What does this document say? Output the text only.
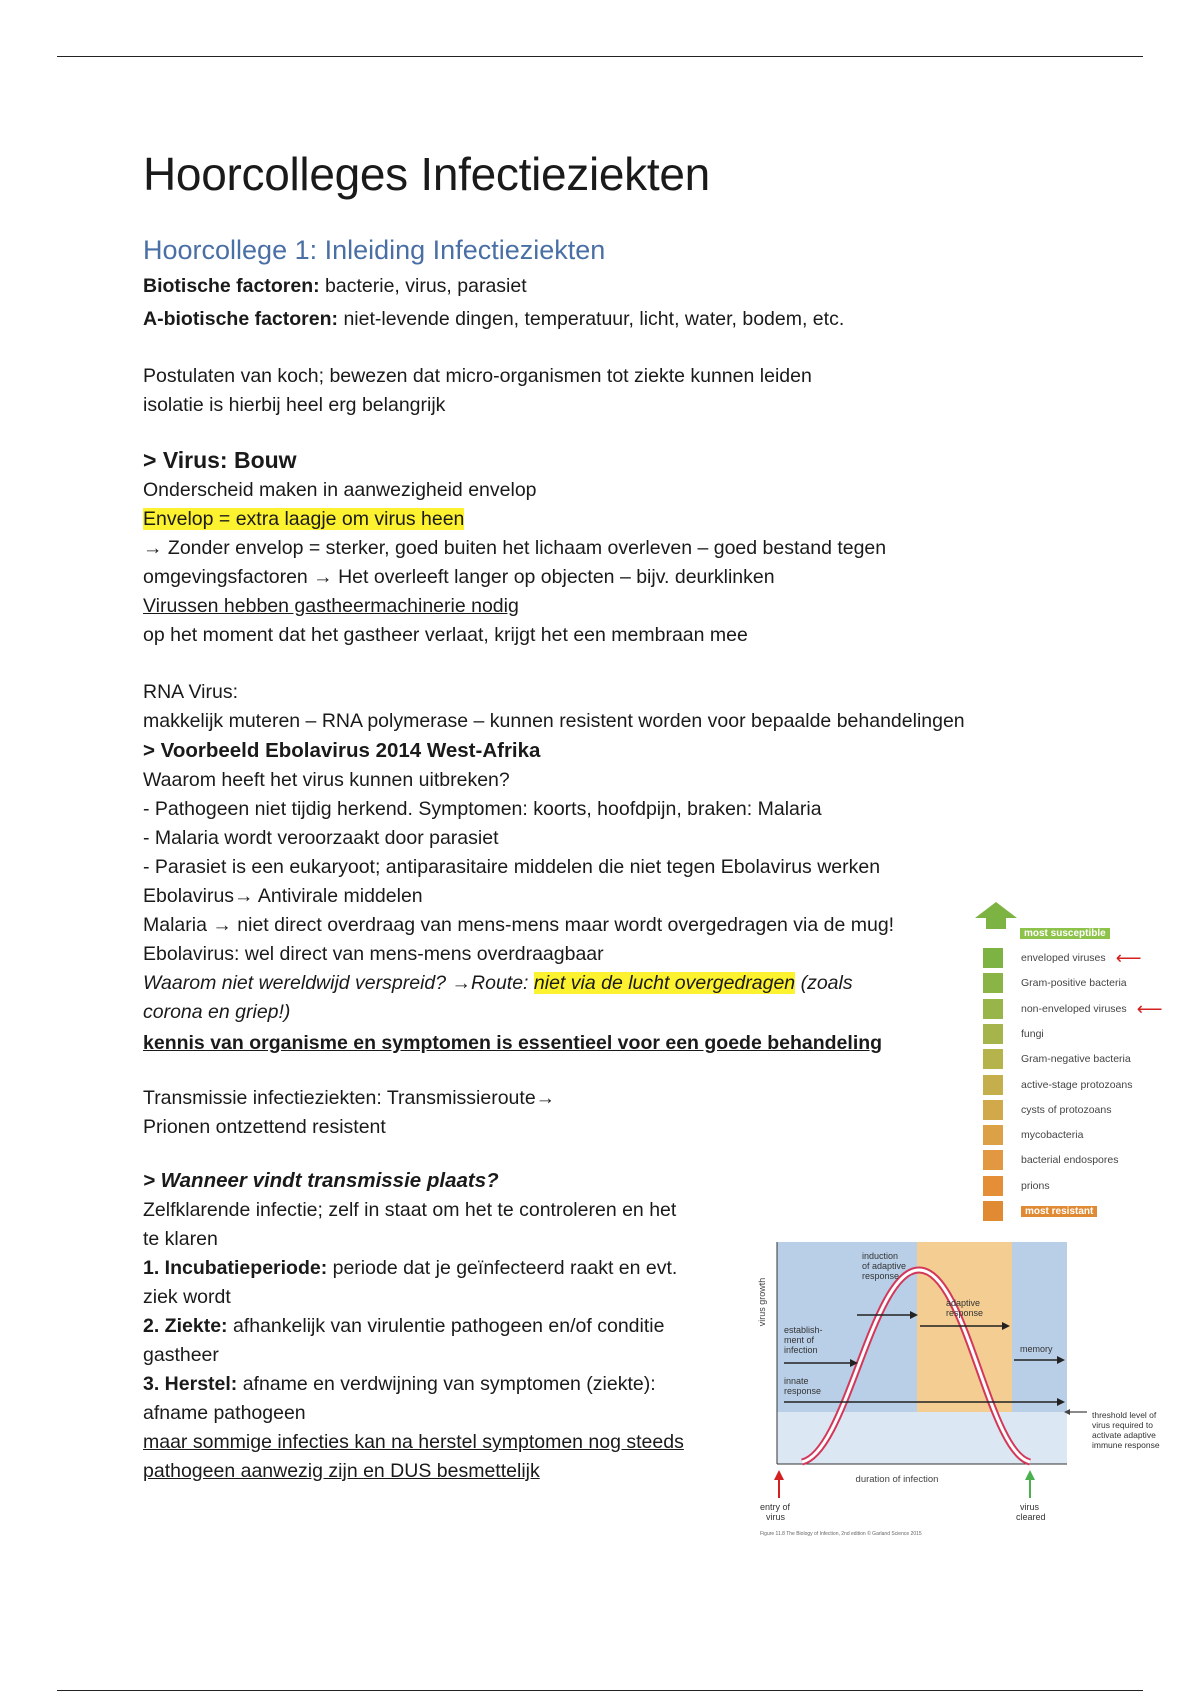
Hoorcolleges Infectieziekten
Hoorcollege 1: Inleiding Infectieziekten

Biotische factoren: bacterie, virus, parasiet

A-biotische factoren: niet-levende dingen, temperatuur, licht, water, bodem, etc.

Postulaten van koch; bewezen dat micro-organismen tot ziekte kunnen leiden

isolatie is hierbij heel erg belangrijk

> Virus: Bouw

Onderscheid maken in aanwezigheid envelop

Envelop = extra laagje om virus heen

→ Zonder envelop = sterker, goed buiten het lichaam overleven – goed bestand tegen

omgevingsfactoren → Het overleeft langer op objecten – bijv. deurklinken

Virussen hebben gastheermachinerie nodig

op het moment dat het gastheer verlaat, krijgt het een membraan mee

RNA Virus:

makkelijk muteren – RNA polymerase – kunnen resistent worden voor bepaalde behandelingen

> Voorbeeld Ebolavirus 2014 West-Afrika

Waarom heeft het virus kunnen uitbreken?

- Pathogeen niet tijdig herkend. Symptomen: koorts, hoofdpijn, braken: Malaria

- Malaria wordt veroorzaakt door parasiet

- Parasiet is een eukaryoot; antiparasitaire middelen die niet tegen Ebolavirus werken

Ebolavirus→ Antivirale middelen

Malaria → niet direct overdraag van mens-mens maar wordt overgedragen via de mug!

Ebolavirus: wel direct van mens-mens overdraagbaar

Waarom niet wereldwijd verspreid? →Route: niet via de lucht overgedragen (zoals

corona en griep!)

kennis van organisme en symptomen is essentieel voor een goede behandeling

Transmissie infectieziekten: Transmissieroute→

Prionen ontzettend resistent

> Wanneer vindt transmissie plaats?

Zelfklarende infectie; zelf in staat om het te controleren en het

te klaren

1. Incubatieperiode: periode dat je geïnfecteerd raakt en evt.

ziek wordt

2. Ziekte: afhankelijk van virulentie pathogeen en/of conditie

gastheer

3. Herstel: afname en verdwijning van symptomen (ziekte):

afname pathogeen

maar sommige infecties kan na herstel symptomen nog steeds

pathogeen aanwezig zijn en DUS besmettelijk

most susceptible
enveloped viruses ⟵
Gram-positive bacteria
non-enveloped viruses ⟵
fungi
Gram-negative bacteria
active-stage protozoans
cysts of protozoans
mycobacteria
bacterial endospores
prions
most resistant
virus growth
duration of infection
induction
of adaptive
response
adaptive
response
establish-
ment of
infection	memory
innate
response
threshold level of
virus required to
activate adaptive
immune response
entry of
virus
virus
cleared
Figure 11.8 The Biology of Infection, 2nd edition © Garland Science 2015
